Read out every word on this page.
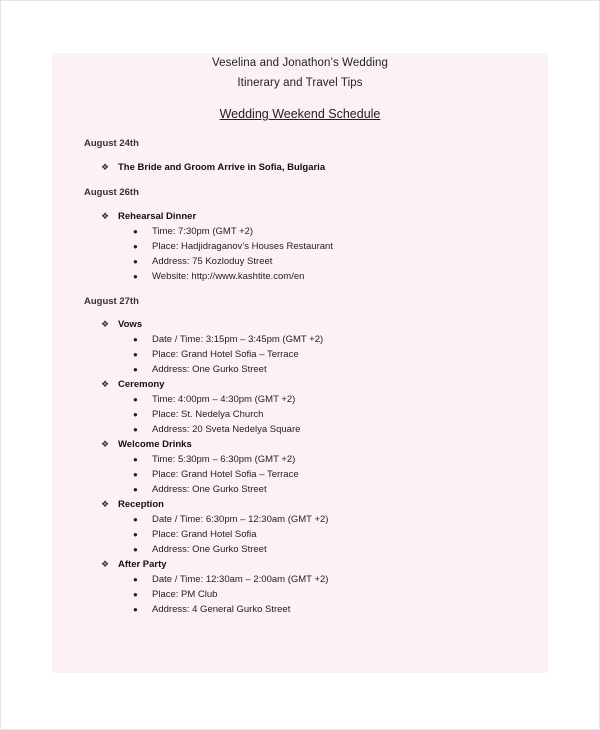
Veselina and Jonathon’s Wedding
Itinerary and Travel Tips
Wedding Weekend Schedule
August 24th
❖ The Bride and Groom Arrive in Sofia, Bulgaria
August 26th
❖ Rehearsal Dinner
●	Time: 7:30pm (GMT +2)
●	Place: Hadjidraganov’s Houses Restaurant
●	Address: 75 Kozloduy Street
●	Website: http://www.kashtite.com/en
August 27th
❖ Vows
●	Date / Time: 3:15pm – 3:45pm (GMT +2)
●	Place: Grand Hotel Sofia – Terrace
●	Address: One Gurko Street
❖ Ceremony
●	Time: 4:00pm – 4:30pm (GMT +2)
●	Place: St. Nedelya Church
●	Address: 20 Sveta Nedelya Square
❖ Welcome Drinks
●	Time: 5:30pm – 6:30pm (GMT +2)
●	Place: Grand Hotel Sofia – Terrace
●	Address: One Gurko Street
❖ Reception
●	Date / Time: 6:30pm – 12:30am (GMT +2)
●	Place: Grand Hotel Sofia
●	Address: One Gurko Street
❖ After Party
●	Date / Time: 12:30am – 2:00am (GMT +2)
●	Place: PM Club
●	Address: 4 General Gurko Street
